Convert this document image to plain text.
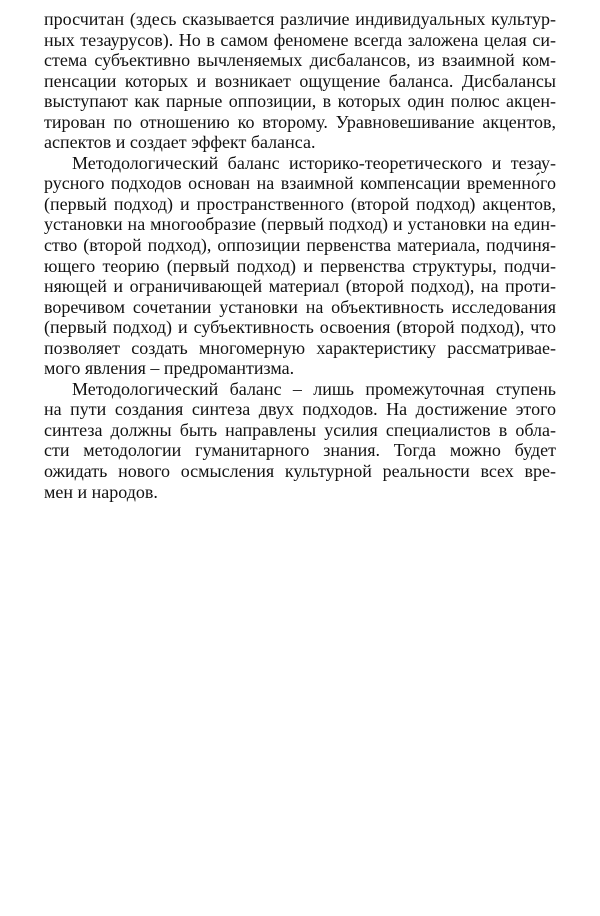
просчитан (здесь сказывается различие индивидуальных культур-
ных тезаурусов). Но в самом феномене всегда заложена целая си-
стема субъективно вычленяемых дисбалансов, из взаимной ком-
пенсации которых и возникает ощущение баланса. Дисбалансы
выступают как парные оппозиции, в которых один полюс акцен-
тирован по отношению ко второму. Уравновешивание акцентов,
аспектов и создает эффект баланса.
Методологический баланс историко-теоретического и тезау-
русного подходов основан на взаимной компенсации временно́го
(первый подход) и пространственного (второй подход) акцентов,
установки на многообразие (первый подход) и установки на един-
ство (второй подход), оппозиции первенства материала, подчиня-
ющего теорию (первый подход) и первенства структуры, подчи-
няющей и ограничивающей материал (второй подход), на проти-
воречивом сочетании установки на объективность исследования
(первый подход) и субъективность освоения (второй подход), что
позволяет создать многомерную характеристику рассматривае-
мого явления – предромантизма.
Методологический баланс – лишь промежуточная ступень
на пути создания синтеза двух подходов. На достижение этого
синтеза должны быть направлены усилия специалистов в обла-
сти методологии гуманитарного знания. Тогда можно будет
ожидать нового осмысления культурной реальности всех вре-
мен и народов.
